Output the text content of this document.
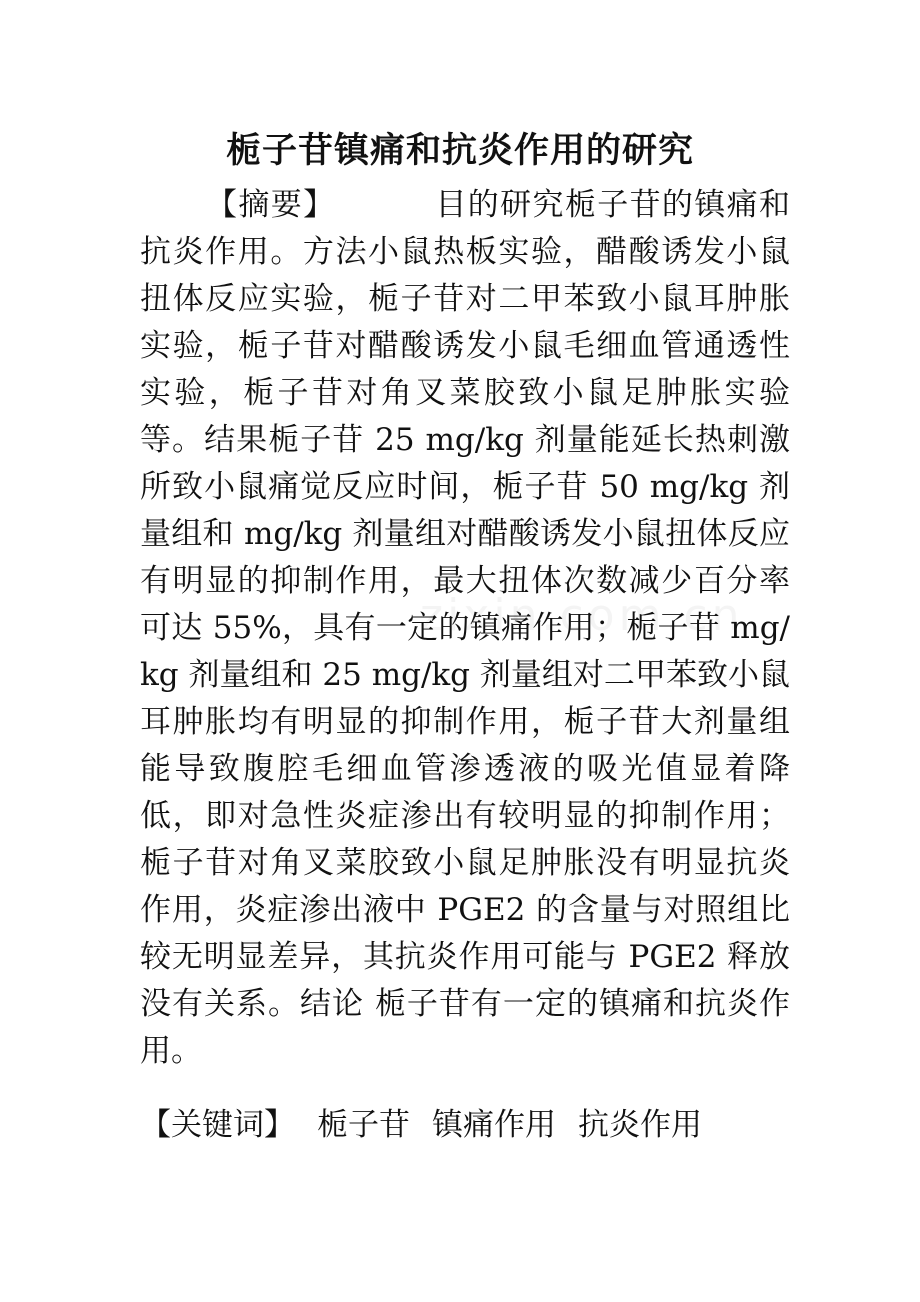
栀子苷镇痛和抗炎作用的研究
【摘要】	目的研究栀子苷的镇痛和抗炎作用。方法小鼠热板实验，醋酸诱发小鼠扭体反应实验，栀子苷对二甲苯致小鼠耳肿胀实验，栀子苷对醋酸诱发小鼠毛细血管通透性实验，栀子苷对角叉菜胶致小鼠足肿胀实验等。结果栀子苷 25 mg/kg 剂量能延长热刺激所致小鼠痛觉反应时间，栀子苷 50 mg/kg 剂量组和 mg/kg 剂量组对醋酸诱发小鼠扭体反应有明显的抑制作用，最大扭体次数减少百分率可达 55%，具有一定的镇痛作用；栀子苷 mg/kg 剂量组和 25 mg/kg 剂量组对二甲苯致小鼠耳肿胀均有明显的抑制作用，栀子苷大剂量组能导致腹腔毛细血管渗透液的吸光值显着降低，即对急性炎症渗出有较明显的抑制作用；栀子苷对角叉菜胶致小鼠足肿胀没有明显抗炎作用，炎症渗出液中 PGE2 的含量与对照组比较无明显差异，其抗炎作用可能与 PGE2 释放没有关系。结论 栀子苷有一定的镇痛和抗炎作用。
【关键词】 栀子苷 镇痛作用 抗炎作用
